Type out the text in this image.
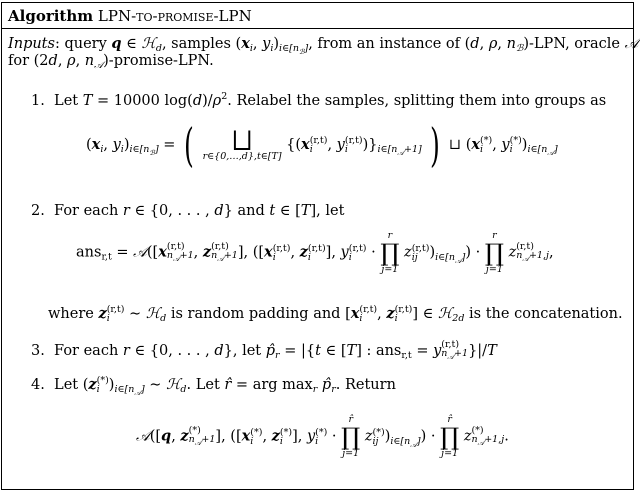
Algorithm LPN-to-promise-LPN
Inputs: query q ∈ ℋ$_d$, samples ($x_i$, $y_i)_{i\in[n_ℬ]}$, from an instance of (d, ρ, $n_ℬ$)-LPN, oracle 𝒜
for (2d, ρ, $n_𝒜)-promise$-LPN.
1.  Let T = 10000 $\log(d)/\rho^2$. Relabel the samples, splitting them into groups as
($x_i$, $y_i)_{i\in[n_ℬ]}$ = (	⨆
r∈{0,…,d},t∈[T]
{(x (r,t)
i	, y (r,t)
i	)}$_{i\in[n_𝒜+1]}$ ) ⊔ (x (*)
i , y (*)
i )$_{i\in[n_𝒜]}$
2.  For each r ∈ {0, . . . , d} and t ∈ [T], let
ans$_{r,t}$ = 𝒜([x (r,t)
$n_𝒜+1$ , z (r,t)
$n_𝒜+1$ ], ([x (r,t)
i	, z (r,t)
i	], y (r,t)
i	·
r
∏
j=1
z (r,t)
ij )$_{i\in[n_𝒜]}$) ·
r
∏
j=1
z (r,t)
$n_𝒜+1,j$ ,
where z (r,t)
i	∼ ℋ$_d$ is random padding and [x (r,t)
i	, z (r,t)
i	] ∈ ℋ$_{2d}$ is the concatenation.
3.  For each r ∈ {0, . . . , d}, let $p̂_r = |\{t$ ∈ [T] : ans$_{r,t}$ = y (r,t)
$n_𝒜+1$ }|/T
4.  Let (z (*)
i )$_{i\in[n_𝒜]}$ ∼ ℋ$_d$. Let r̂ = arg $\max_r$ $p̂_r$. Return
𝒜([q, z (*)
$n_𝒜+1$ ], ([x (*)
i , z (*)
i ], y (*)
i ·
r̂
∏
j=1
z (*)
ij )$_{i\in[n_𝒜]}$) ·
r̂
∏
j=1
z (*)
$n_𝒜+1,j$ .
